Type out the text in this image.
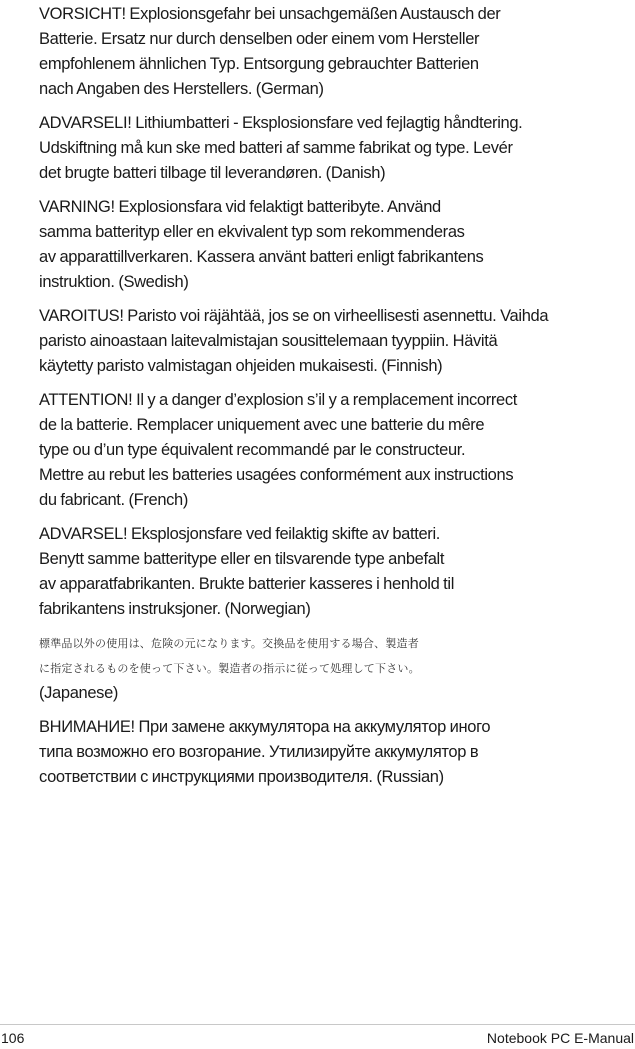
VORSICHT! Explosionsgefahr bei unsachgemäßen Austausch der
Batterie. Ersatz nur durch denselben oder einem vom Hersteller
empfohlenem ähnlichen Typ. Entsorgung gebrauchter Batterien
nach Angaben des Herstellers. (German)

ADVARSELI! Lithiumbatteri - Eksplosionsfare ved fejlagtig håndtering.
Udskiftning må kun ske med batteri af samme fabrikat og type. Levér
det brugte batteri tilbage til leverandøren. (Danish)

VARNING! Explosionsfara vid felaktigt batteribyte. Använd
samma batterityp eller en ekvivalent typ som rekommenderas
av apparattillverkaren. Kassera använt batteri enligt fabrikantens
instruktion. (Swedish)

VAROITUS! Paristo voi räjähtää, jos se on virheellisesti asennettu. Vaihda
paristo ainoastaan laitevalmistajan sousittelemaan tyyppiin. Hävitä
käytetty paristo valmistagan ohjeiden mukaisesti. (Finnish)

ATTENTION! Il y a danger d’explosion s’il y a remplacement incorrect
de la batterie. Remplacer uniquement avec une batterie du mêre
type ou d’un type équivalent recommandé par le constructeur.
Mettre au rebut les batteries usagées conformément aux instructions
du fabricant. (French)

ADVARSEL! Eksplosjonsfare ved feilaktig skifte av batteri.
Benytt samme batteritype eller en tilsvarende type anbefalt
av apparatfabrikanten. Brukte batterier kasseres i henhold til
fabrikantens instruksjoner. (Norwegian)

標準品以外の使用は、危険の元になります。交換品を使用する場合、製造者
に指定されるものを使って下さい。製造者の指示に従って処理して下さい。

(Japanese)

ВНИМАНИЕ! При замене аккумулятора на аккумулятор иного
типа возможно его возгорание. Утилизируйте аккумулятор в
соответствии с инструкциями производителя. (Russian)

106	Notebook PC E-Manual
